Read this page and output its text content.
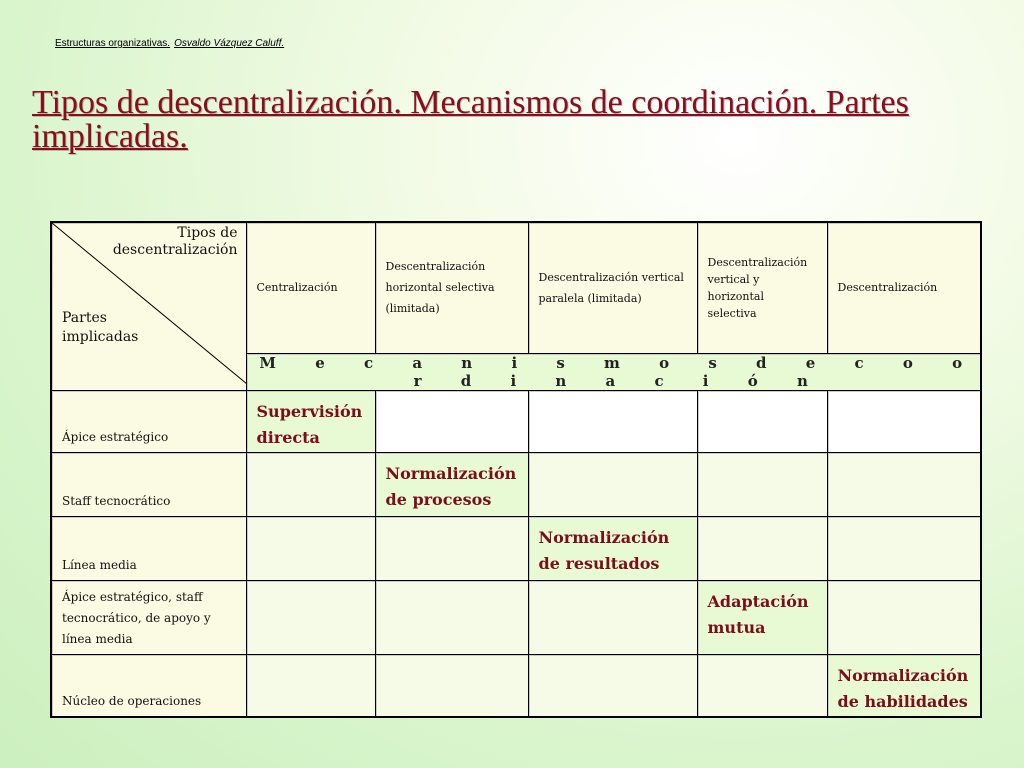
Estructuras organizativas. Osvaldo Vázquez Caluff.
Tipos de descentralización. Mecanismos de coordinación. Partes implicadas.
Tipos de descentralización
Partes implicadas	Centralización	Descentralización horizontal selectiva (limitada)	Descentralización vertical paralela (limitada)	Descentralización vertical y horizontal selectiva	Descentralización
	M e c a n i s m o s d e c o o r d i n a c i ó n				
Ápice estratégico	Supervisión directa				
Staff tecnocrático		Normalización de procesos			
Línea media			Normalización de resultados		
Ápice estratégico, staff tecnocrático, de apoyo y línea media				Adaptación mutua	
Núcleo de operaciones					Normalización de habilidades
